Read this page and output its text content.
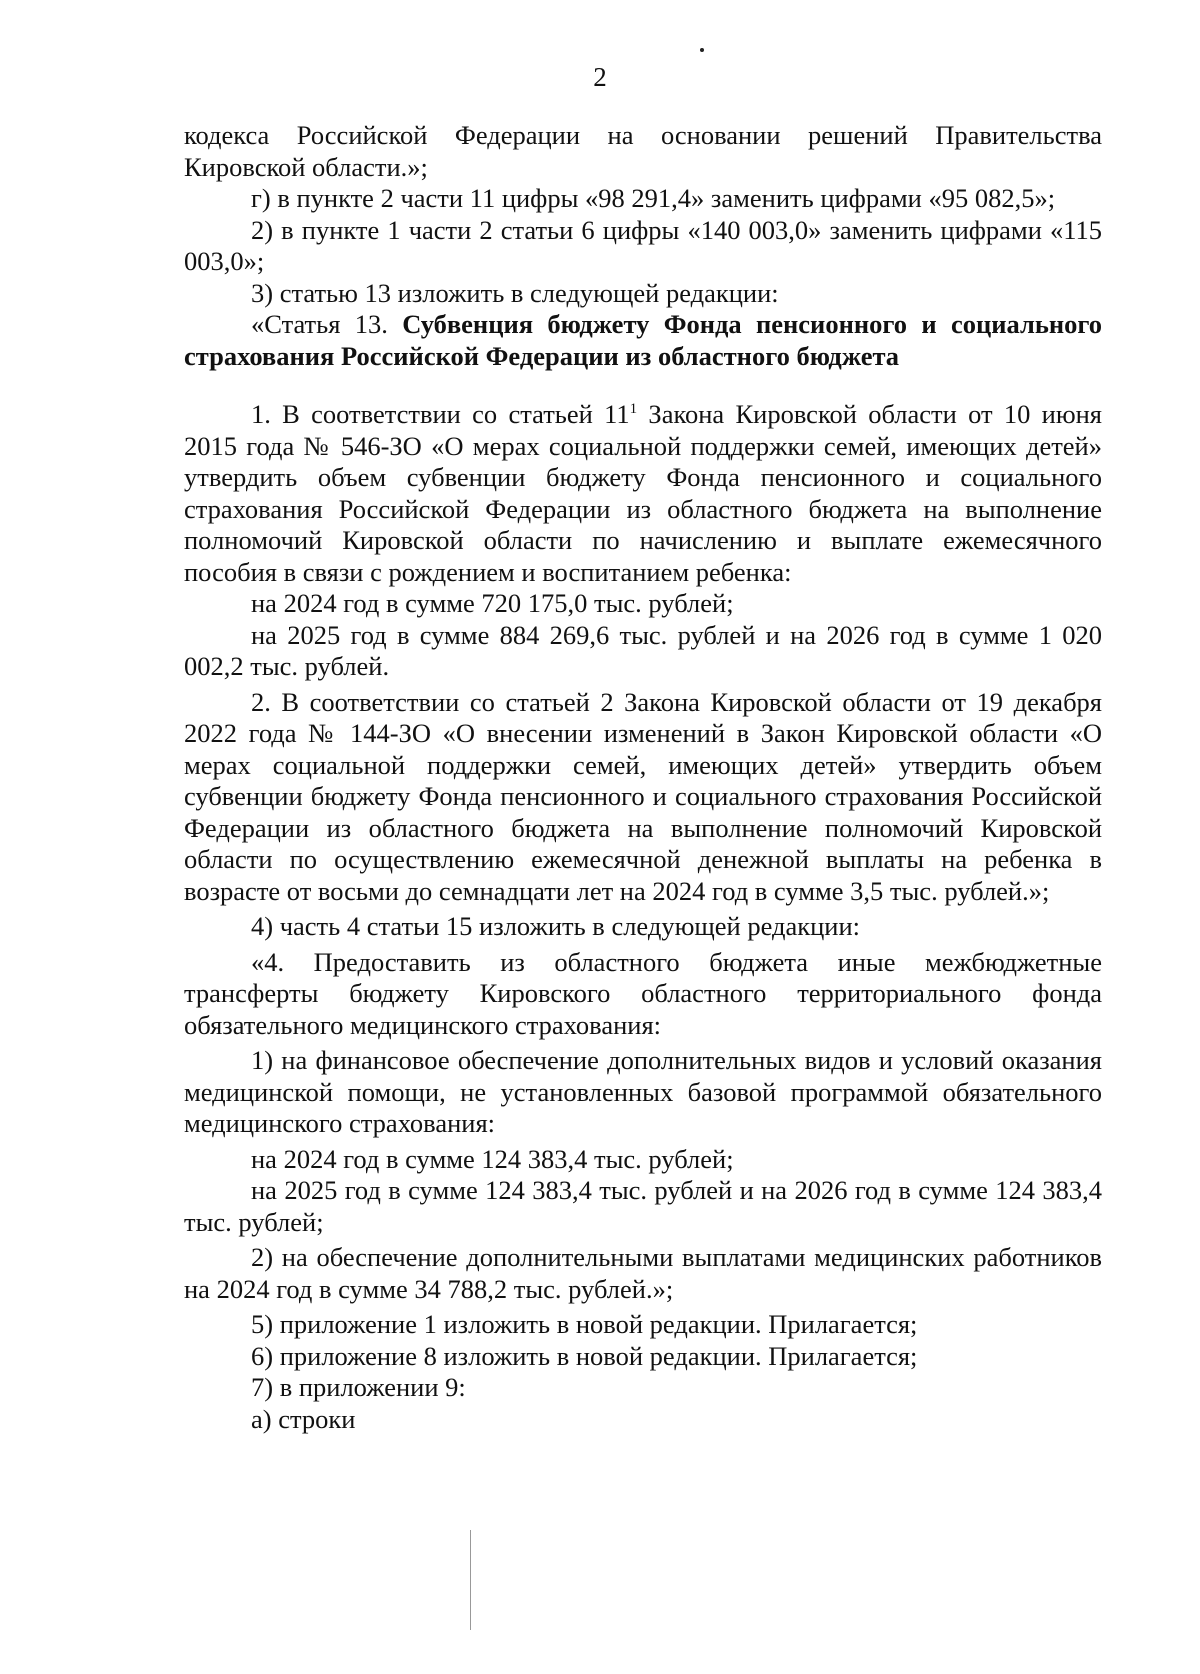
2

кодекса Российской Федерации на основании решений Правительства Кировской области.»;

г) в пункте 2 части 11 цифры «98 291,4» заменить цифрами «95 082,5»;

2) в пункте 1 части 2 статьи 6 цифры «140 003,0» заменить цифрами «115 003,0»;

3) статью 13 изложить в следующей редакции:

«Статья 13. Субвенция бюджету Фонда пенсионного и социального страхования Российской Федерации из областного бюджета

1. В соответствии со статьей $11^1$ Закона Кировской области от 10 июня 2015 года № 546-ЗО «О мерах социальной поддержки семей, имеющих детей» утвердить объем субвенции бюджету Фонда пенсионного и социального страхования Российской Федерации из областного бюджета на выполнение полномочий Кировской области по начислению и выплате ежемесячного пособия в связи с рождением и воспитанием ребенка:

на 2024 год в сумме 720 175,0 тыс. рублей;

на 2025 год в сумме 884 269,6 тыс. рублей и на 2026 год в сумме 1 020 002,2 тыс. рублей.

2. В соответствии со статьей 2 Закона Кировской области от 19 декабря 2022 года № 144-ЗО «О внесении изменений в Закон Кировской области «О мерах социальной поддержки семей, имеющих детей» утвердить объем субвенции бюджету Фонда пенсионного и социального страхования Российской Федерации из областного бюджета на выполнение полномочий Кировской области по осуществлению ежемесячной денежной выплаты на ребенка в возрасте от восьми до семнадцати лет на 2024 год в сумме 3,5 тыс. рублей.»;

4) часть 4 статьи 15 изложить в следующей редакции:

«4. Предоставить из областного бюджета иные межбюджетные трансферты бюджету Кировского областного территориального фонда обязательного медицинского страхования:

1) на финансовое обеспечение дополнительных видов и условий оказания медицинской помощи, не установленных базовой программой обязательного медицинского страхования:

на 2024 год в сумме 124 383,4 тыс. рублей;

на 2025 год в сумме 124 383,4 тыс. рублей и на 2026 год в сумме 124 383,4 тыс. рублей;

2) на обеспечение дополнительными выплатами медицинских работников на 2024 год в сумме 34 788,2 тыс. рублей.»;

5) приложение 1 изложить в новой редакции. Прилагается;

6) приложение 8 изложить в новой редакции. Прилагается;

7) в приложении 9:

а) строки
